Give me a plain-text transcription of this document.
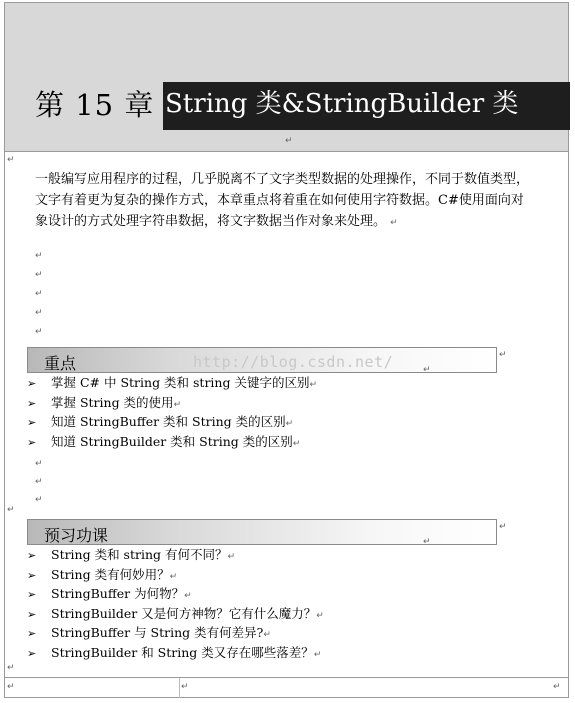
第 15 章 String 类&StringBuilder 类
↵
↵
一般编写应用程序的过程，几乎脱离不了文字类型数据的处理操作，不同于数值类型，文字有着更为复杂的操作方式，本章重点将着重在如何使用字符数据。C#使用面向对象设计的方式处理字符串数据，将文字数据当作对象来处理。 ↵
↵
↵
↵
↵
↵
重点	↵
↵
http://blog.csdn.net/
➢ 掌握 C# 中 String 类和 string 关键字的区别↵
➢ 掌握 String 类的使用↵
➢ 知道 StringBuffer 类和 String 类的区别↵
➢ 知道 StringBuilder 类和 String 类的区别↵
↵
↵
↵
↵
预习功课	↵
↵
➢ String 类和 string 有何不同？↵
➢ String 类有何妙用？↵
➢ StringBuffer 为何物？↵
➢ StringBuilder 又是何方神物？它有什么魔力？↵
➢ StringBuffer 与 String 类有何差异?↵
➢ StringBuilder 和 String 类又存在哪些落差？↵
↵
↵	↵	↵
